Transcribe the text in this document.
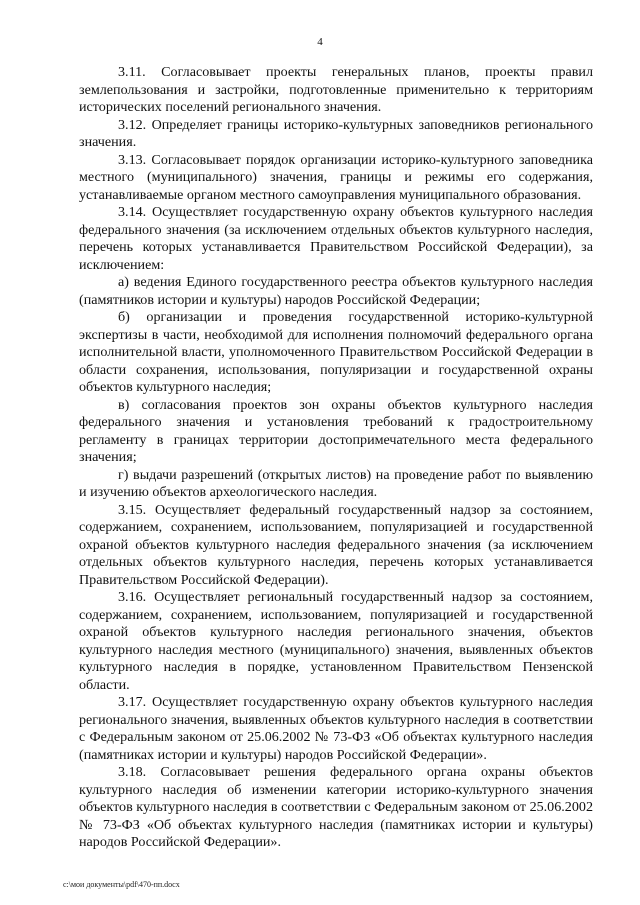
4

3.11. Согласовывает проекты генеральных планов, проекты правил землепользования и застройки, подготовленные применительно к территориям исторических поселений регионального значения.

3.12. Определяет границы историко-культурных заповедников регионального значения.

3.13. Согласовывает порядок организации историко-культурного заповедника местного (муниципального) значения, границы и режимы его содержания, устанавливаемые органом местного самоуправления муниципального образования.

3.14. Осуществляет государственную охрану объектов культурного наследия федерального значения (за исключением отдельных объектов культурного наследия, перечень которых устанавливается Правительством Российской Федерации), за исключением:

а) ведения Единого государственного реестра объектов культурного наследия (памятников истории и культуры) народов Российской Федерации;

б) организации и проведения государственной историко-культурной экспертизы в части, необходимой для исполнения полномочий федерального органа исполнительной власти, уполномоченного Правительством Российской Федерации в области сохранения, использования, популяризации и государственной охраны объектов культурного наследия;

в) согласования проектов зон охраны объектов культурного наследия федерального значения и установления требований к градостроительному регламенту в границах территории достопримечательного места федерального значения;

г) выдачи разрешений (открытых листов) на проведение работ по выявлению и изучению объектов археологического наследия.

3.15. Осуществляет федеральный государственный надзор за состоянием, содержанием, сохранением, использованием, популяризацией и государственной охраной объектов культурного наследия федерального значения (за исключением отдельных объектов культурного наследия, перечень которых устанавливается Правительством Российской Федерации).

3.16. Осуществляет региональный государственный надзор за состоянием, содержанием, сохранением, использованием, популяризацией и государственной охраной объектов культурного наследия регионального значения, объектов культурного наследия местного (муниципального) значения, выявленных объектов культурного наследия в порядке, установленном Правительством Пензенской области.

3.17. Осуществляет государственную охрану объектов культурного наследия регионального значения, выявленных объектов культурного наследия в соответствии с Федеральным законом от 25.06.2002 № 73-ФЗ «Об объектах культурного наследия (памятниках истории и культуры) народов Российской Федерации».

3.18. Согласовывает решения федерального органа охраны объектов культурного наследия об изменении категории историко-культурного значения объектов культурного наследия в соответствии с Федеральным законом от 25.06.2002 № 73-ФЗ «Об объектах культурного наследия (памятниках истории и культуры) народов Российской Федерации».

c:\мои документы\pdf\470-пп.docx
